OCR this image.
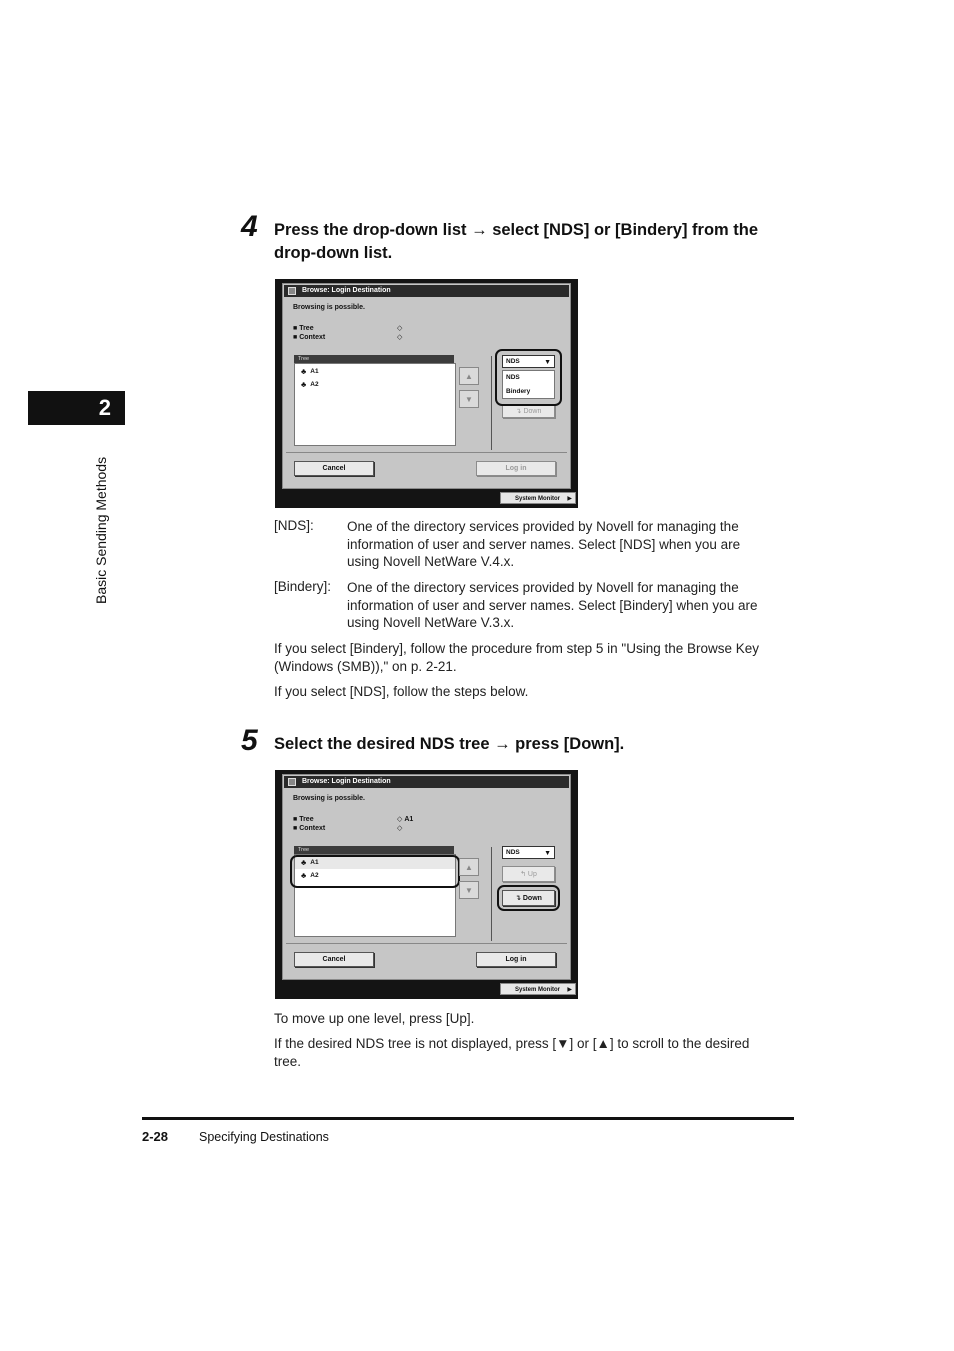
2
Basic Sending Methods
4 Press the drop-down list → select [NDS] or [Bindery] from the
drop-down list.
Browse: Login Destination
Browsing is possible.
■ Tree
■ Context
◇
◇
Tree
♣ A1
♣ A2
▲
▼
NDS	▼
NDS
Bindery
↴ Down
Cancel	Log in
System Monitor ▶
[NDS]: One of the directory services provided by Novell for managing the
information of user and server names. Select [NDS] when you are
using Novell NetWare V.4.x.
[Bindery]: One of the directory services provided by Novell for managing the
information of user and server names. Select [Bindery] when you are
using Novell NetWare V.3.x.
If you select [Bindery], follow the procedure from step 5 in "Using the Browse Key
(Windows (SMB))," on p. 2-21.
If you select [NDS], follow the steps below.
5 Select the desired NDS tree → press [Down].
Browse: Login Destination
Browsing is possible.
■ Tree
■ Context
◇ A1
◇
Tree
♣ A1
♣ A2
▲
▼
NDS	▼
↰ Up
↴ Down
Cancel	Log in
System Monitor ▶
To move up one level, press [Up].
If the desired NDS tree is not displayed, press [▼] or [▲] to scroll to the desired
tree.
2-28 Specifying Destinations
